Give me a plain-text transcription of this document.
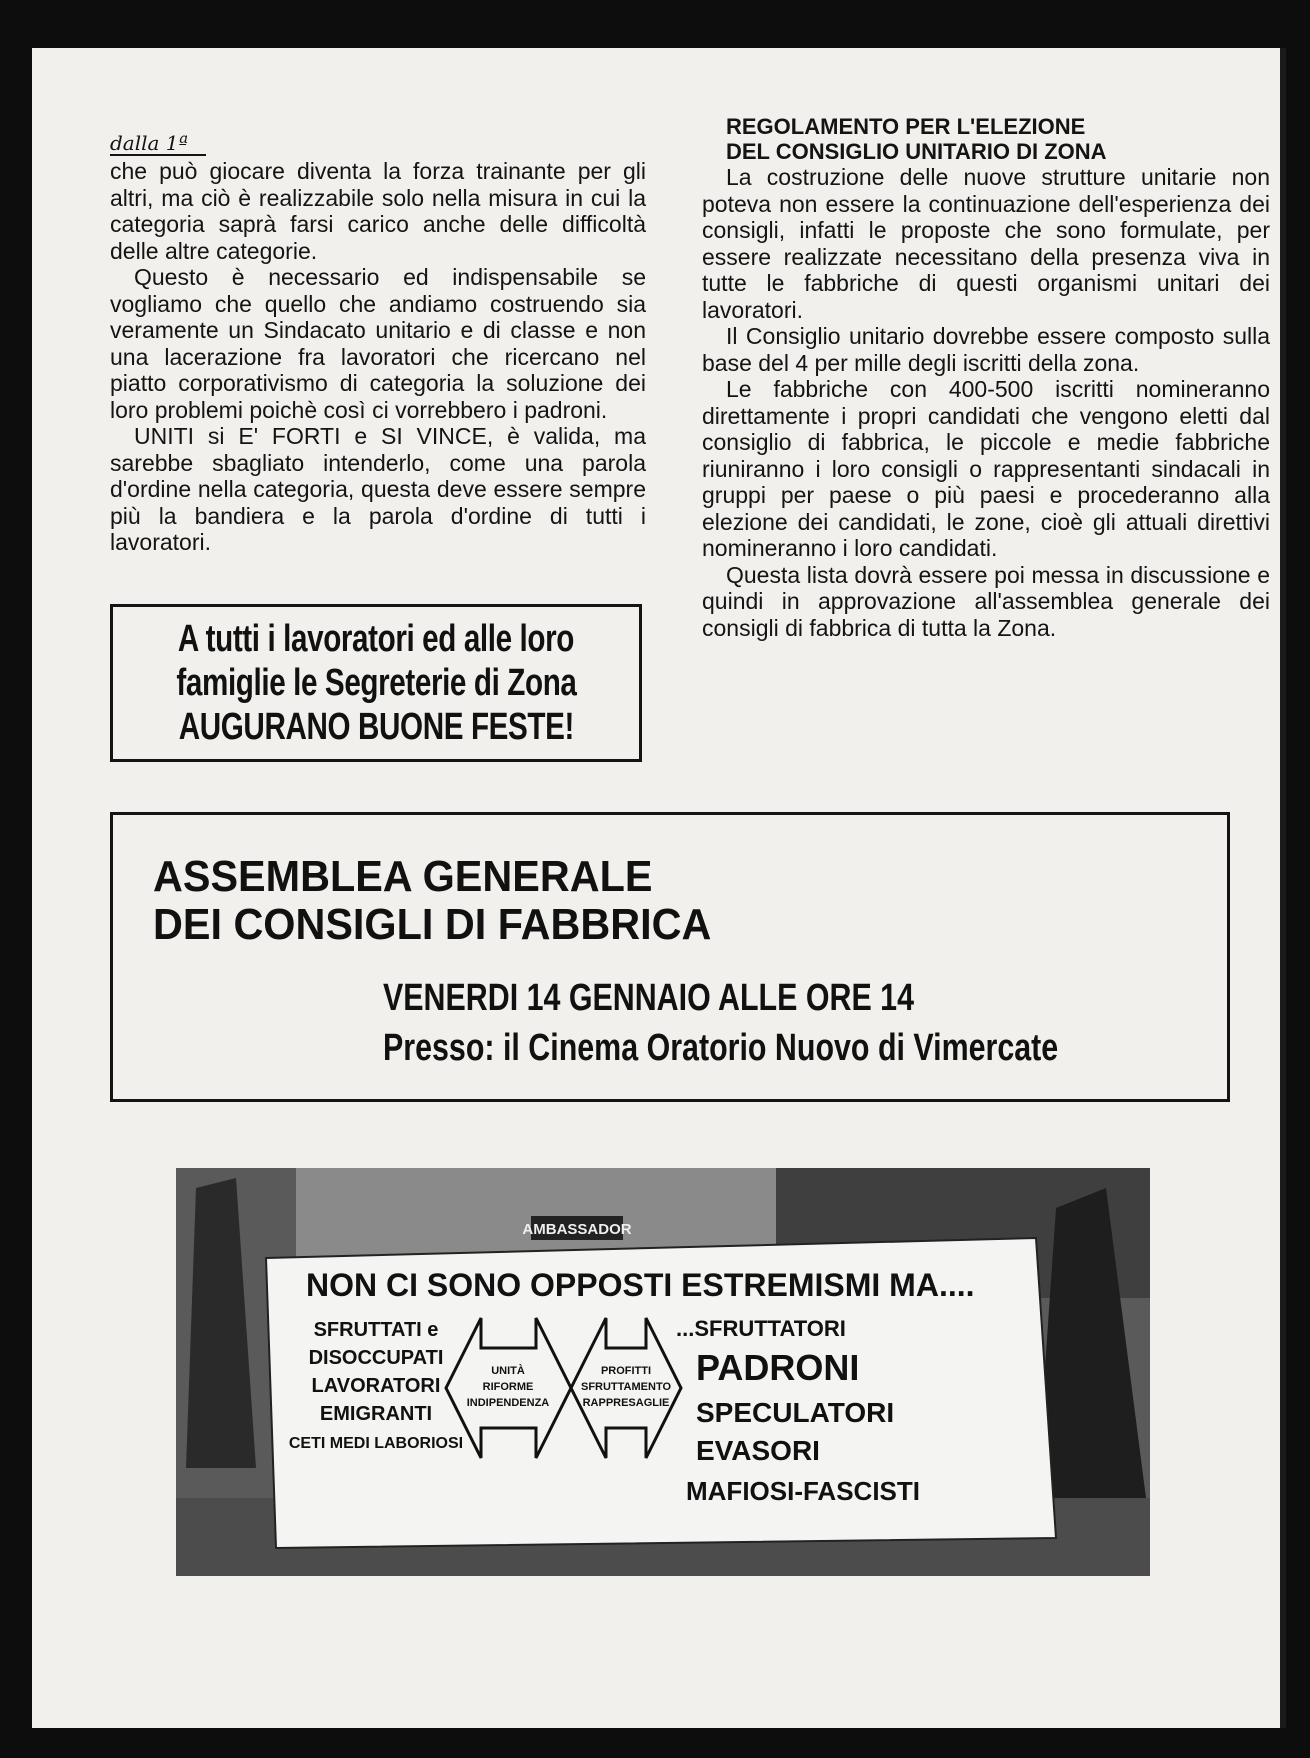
dalla 1ª

che può giocare diventa la forza trainante per gli altri, ma ciò è realizzabile solo nella misura in cui la categoria saprà farsi carico anche delle difficoltà delle altre categorie.

Questo è necessario ed indispensabile se vogliamo che quello che andiamo costruendo sia veramente un Sindacato unitario e di classe e non una lacerazione fra lavoratori che ricercano nel piatto corporativismo di categoria la soluzione dei loro problemi poichè così ci vorrebbero i padroni.

UNITI si E' FORTI e SI VINCE, è valida, ma sarebbe sbagliato intenderlo, come una parola d'ordine nella categoria, questa deve essere sempre più la bandiera e la parola d'ordine di tutti i lavoratori.

A tutti i lavoratori ed alle loro
famiglie le Segreterie di Zona
AUGURANO BUONE FESTE!

REGOLAMENTO PER L'ELEZIONE

DEL CONSIGLIO UNITARIO DI ZONA

La costruzione delle nuove strutture unitarie non poteva non essere la continuazione dell'esperienza dei consigli, infatti le proposte che sono formulate, per essere realizzate necessitano della presenza viva in tutte le fabbriche di questi organismi unitari dei lavoratori.

Il Consiglio unitario dovrebbe essere composto sulla base del 4 per mille degli iscritti della zona.

Le fabbriche con 400-500 iscritti nomineranno direttamente i propri candidati che vengono eletti dal consiglio di fabbrica, le piccole e medie fabbriche riuniranno i loro consigli o rappresentanti sindacali in gruppi per paese o più paesi e procederanno alla elezione dei candidati, le zone, cioè gli attuali direttivi nomineranno i loro candidati.

Questa lista dovrà essere poi messa in discussione e quindi in approvazione all'assemblea generale dei consigli di fabbrica di tutta la Zona.

ASSEMBLEA GENERALE
DEI CONSIGLI DI FABBRICA
VENERDI 14 GENNAIO ALLE ORE 14
Presso: il Cinema Oratorio Nuovo di Vimercate
AMBASSADOR
NON CI SONO OPPOSTI ESTREMISMI MA....
SFRUTTATI e
DISOCCUPATI
LAVORATORI
EMIGRANTI
CETI MEDI LABORIOSI
UNITÀ
RIFORME
INDIPENDENZA
PROFITTI
SFRUTTAMENTO
RAPPRESAGLIE
...SFRUTTATORI
PADRONI
SPECULATORI
EVASORI
MAFIOSI-FASCISTI
